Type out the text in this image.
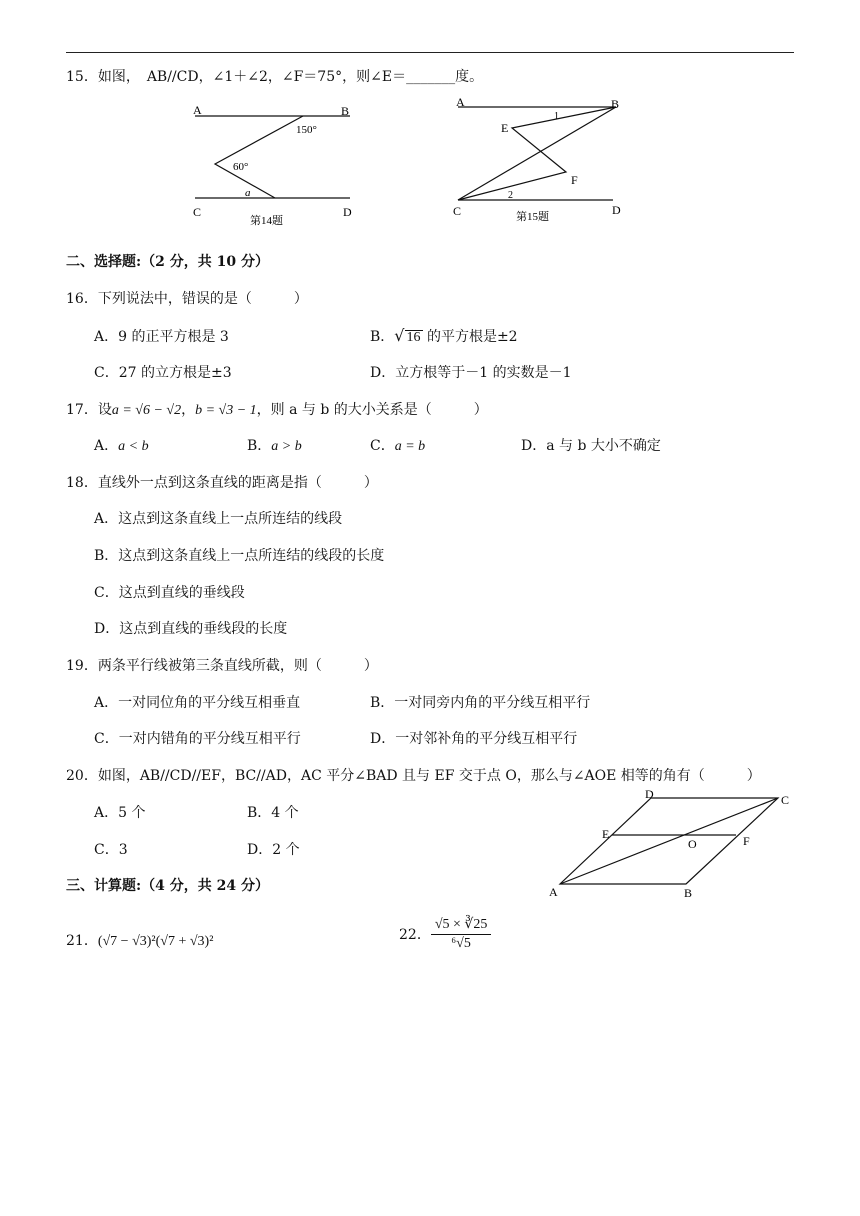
15．如图，　AB//CD，∠1＋∠2，∠F＝75°，则∠E＝_______度。
A	B
C	D
150°
60°
a
第14题
A	B
E
F
C	D
1
2
第15题
二、选择题:（2 分，共 10 分）
16．下列说法中，错误的是（　　　）
A．9 的正平方根是 3	B．√ 16 的平方根是±2
C．27 的立方根是±3	D．立方根等于－1 的实数是－1
17．设a = √6 − √2，b = √3 − 1，则 a 与 b 的大小关系是（　　　）
A．a < b	B．a > b	C．a = b	D．a 与 b 大小不确定
18．直线外一点到这条直线的距离是指（　　　）
A．这点到这条直线上一点所连结的线段
B．这点到这条直线上一点所连结的线段的长度
C．这点到直线的垂线段
D．这点到直线的垂线段的长度
19．两条平行线被第三条直线所截，则（　　　）
A．一对同位角的平分线互相垂直	B．一对同旁内角的平分线互相平行
C．一对内错角的平分线互相平行	D．一对邻补角的平分线互相平行
20．如图，AB//CD//EF，BC//AD，AC 平分∠BAD 且与 EF 交于点 O，那么与∠AOE 相等的角有（　　　）
A．5 个	B．4 个
C．3	D．2 个
A	B
C
D
E	F
O
三、计算题:（4 分，共 24 分）
21．(√7 − √3)²(√7 + √3)²	22． $\frac{√5 \times ∛25}{\text{⁶√5}}$
